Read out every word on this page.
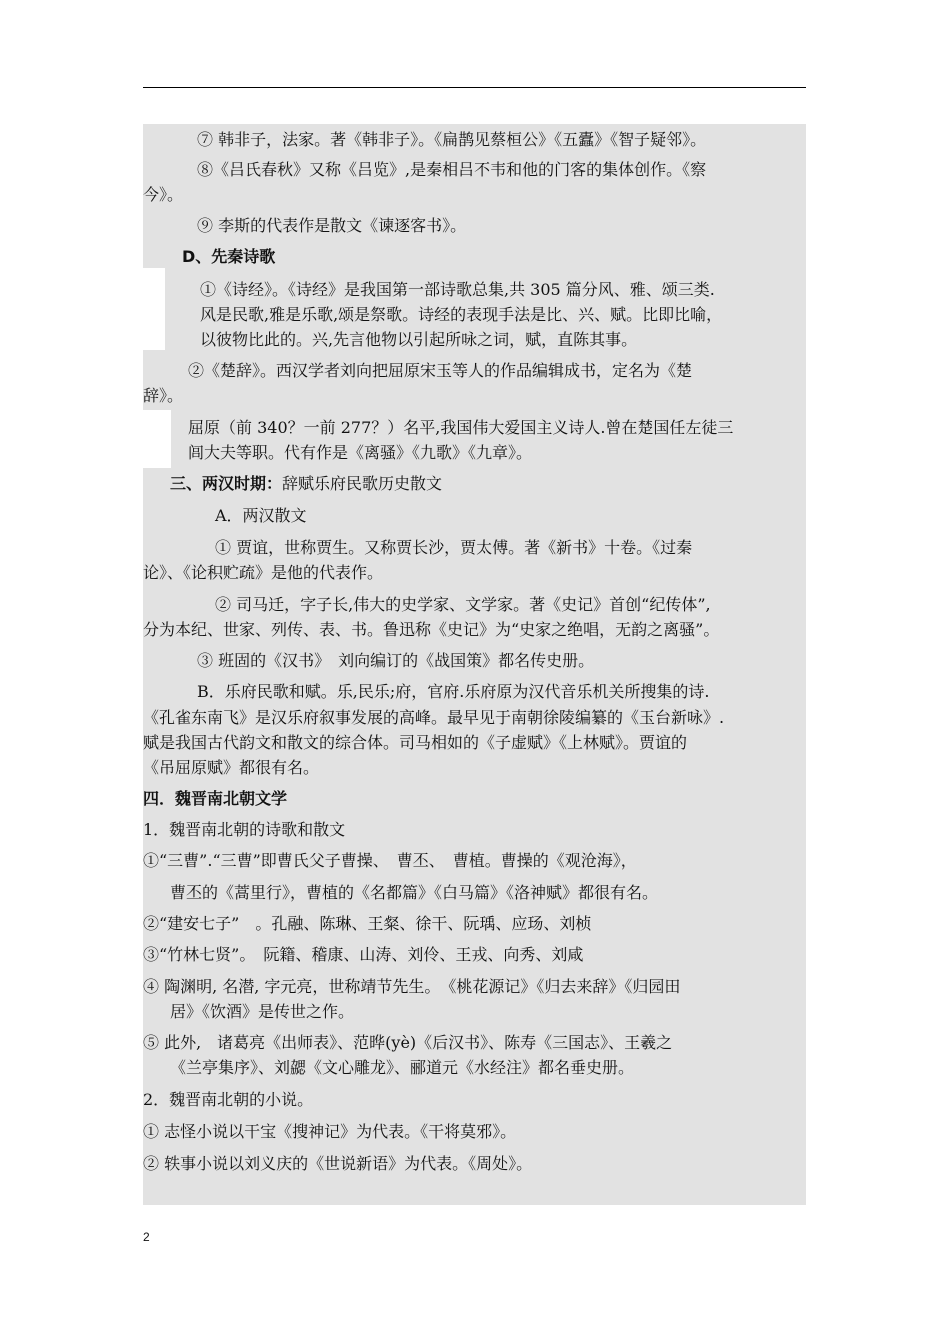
⑦ 韩非子，法家。著《韩非子》。《扁鹊见蔡桓公》《五蠹》《智子疑邻》。

⑧《吕氏春秋》又称《吕览》,是秦相吕不韦和他的门客的集体创作。《察

今》。

⑨ 李斯的代表作是散文《谏逐客书》。

D、先秦诗歌

①《诗经》。《诗经》是我国第一部诗歌总集,共 305 篇分风、雅、颂三类.

风是民歌,雅是乐歌,颂是祭歌。诗经的表现手法是比、兴、赋。比即比喻，

以彼物比此的。兴,先言他物以引起所咏之词，赋，直陈其事。

②《楚辞》。西汉学者刘向把屈原宋玉等人的作品编辑成书，定名为《楚

辞》。

屈原（前 340？一前 277？）名平,我国伟大爱国主义诗人.曾在楚国任左徒三

闾大夫等职。代有作是《离骚》《九歌》《九章》。

三、两汉时期：辞赋乐府民歌历史散文

A．两汉散文

① 贾谊，世称贾生。又称贾长沙，贾太傅。著《新书》十卷。《过秦

论》、《论积贮疏》是他的代表作。

② 司马迁，字子长,伟大的史学家、文学家。著《史记》首创“纪传体”,

分为本纪、世家、列传、表、书。鲁迅称《史记》为“史家之绝唱，无韵之离骚”。

③ 班固的《汉书》　刘向编订的《战国策》都名传史册。

B．乐府民歌和赋。乐,民乐;府，官府.乐府原为汉代音乐机关所搜集的诗.

《孔雀东南飞》是汉乐府叙事发展的高峰。最早见于南朝徐陵编纂的《玉台新咏》.

赋是我国古代韵文和散文的综合体。司马相如的《子虚赋》《上林赋》。贾谊的

《吊屈原赋》都很有名。

四．魏晋南北朝文学

1．魏晋南北朝的诗歌和散文

①“三曹”.“三曹”即曹氏父子曹操、　曹丕、　曹植。曹操的《观沧海》，

曹丕的《蒿里行》，曹植的《名都篇》《白马篇》《洛神赋》都很有名。

②“建安七子”　。孔融、陈琳、王粲、徐干、阮瑀、应玚、刘桢

③“竹林七贤”。　阮籍、稽康、山涛、刘伶、王戎、向秀、刘咸

④ 陶渊明, 名潜, 字元亮，世称靖节先生。　《桃花源记》《归去来辞》《归园田

居》《饮酒》是传世之作。

⑤ 此外,　诸葛亮《出师表》、范晔(yè)《后汉书》、陈寿《三国志》、王羲之

《兰亭集序》、刘勰《文心雕龙》、郦道元《水经注》都名垂史册。

2．魏晋南北朝的小说。

① 志怪小说以干宝《搜神记》为代表。《干将莫邪》。

② 轶事小说以刘义庆的《世说新语》为代表。《周处》。

2
